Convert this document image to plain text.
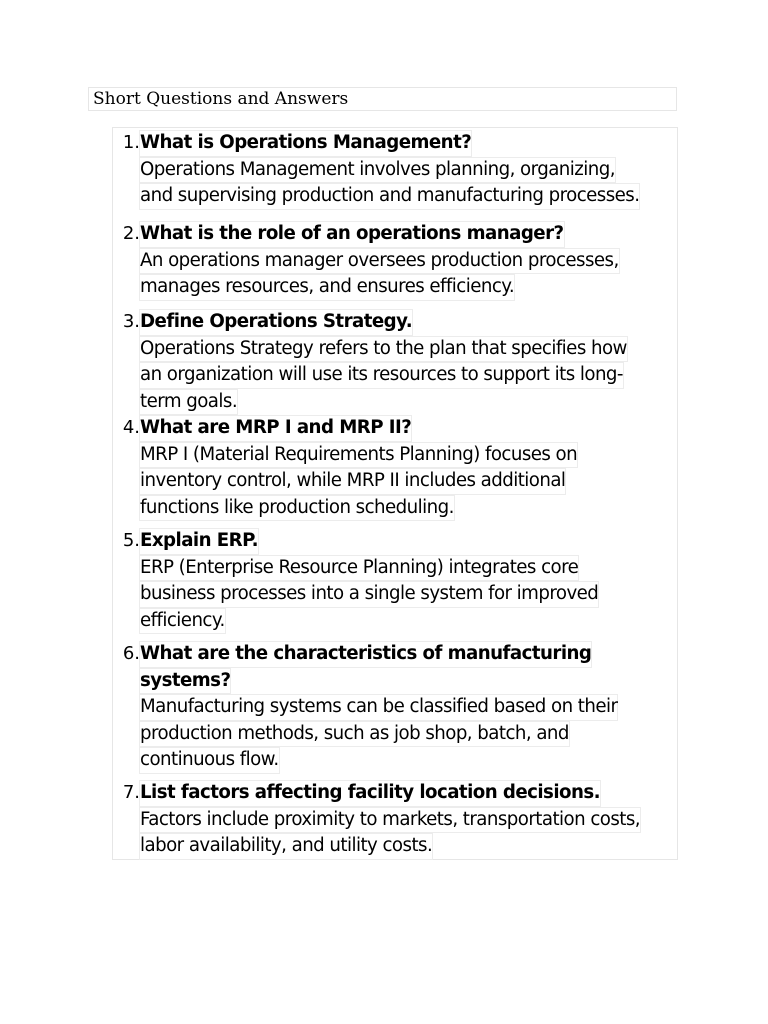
Short Questions and Answers
1. What is Operations Management?
Operations Management involves planning, organizing,
and supervising production and manufacturing processes.
2. What is the role of an operations manager?
An operations manager oversees production processes,
manages resources, and ensures efficiency.
3. Define Operations Strategy.
Operations Strategy refers to the plan that specifies how
an organization will use its resources to support its long-
term goals.
4. What are MRP I and MRP II?
MRP I (Material Requirements Planning) focuses on
inventory control, while MRP II includes additional
functions like production scheduling.
5. Explain ERP.
ERP (Enterprise Resource Planning) integrates core
business processes into a single system for improved
efficiency.
6. What are the characteristics of manufacturing
systems?
Manufacturing systems can be classified based on their
production methods, such as job shop, batch, and
continuous flow.
7. List factors affecting facility location decisions.
Factors include proximity to markets, transportation costs,
labor availability, and utility costs.
